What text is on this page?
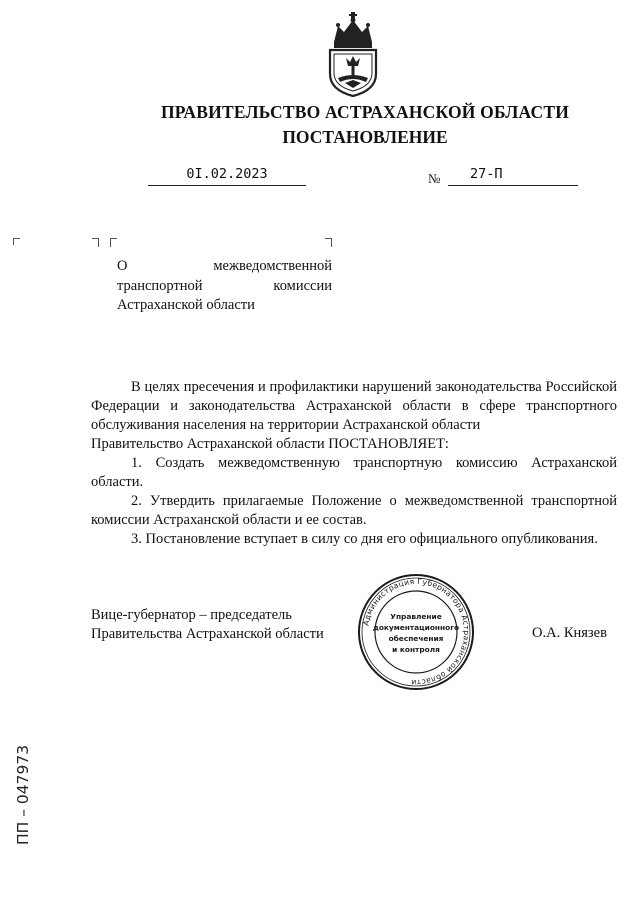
ПРАВИТЕЛЬСТВО АСТРАХАНСКОЙ ОБЛАСТИ
ПОСТАНОВЛЕНИЕ
0I.02.2023	№	27-П
О межведомственной транспортной комиссии Астраханской области

В целях пресечения и профилактики нарушений законодательства Российской Федерации и законодательства Астраханской области в сфере транспортного обслуживания населения на территории Астраханской области

Правительство Астраханской области ПОСТАНОВЛЯЕТ:

1. Создать межведомственную транспортную комиссию Астраханской области.

2. Утвердить прилагаемые Положение о межведомственной транспортной комиссии Астраханской области и ее состав.

3. Постановление вступает в силу со дня его официального опубликования.

Вице-губернатор – председатель
Правительства Астраханской области
Администрация Губернатора Астраханской области
Управление
документационного
обеспечения
и контроля
О.А. Князев
ПП – 047973
